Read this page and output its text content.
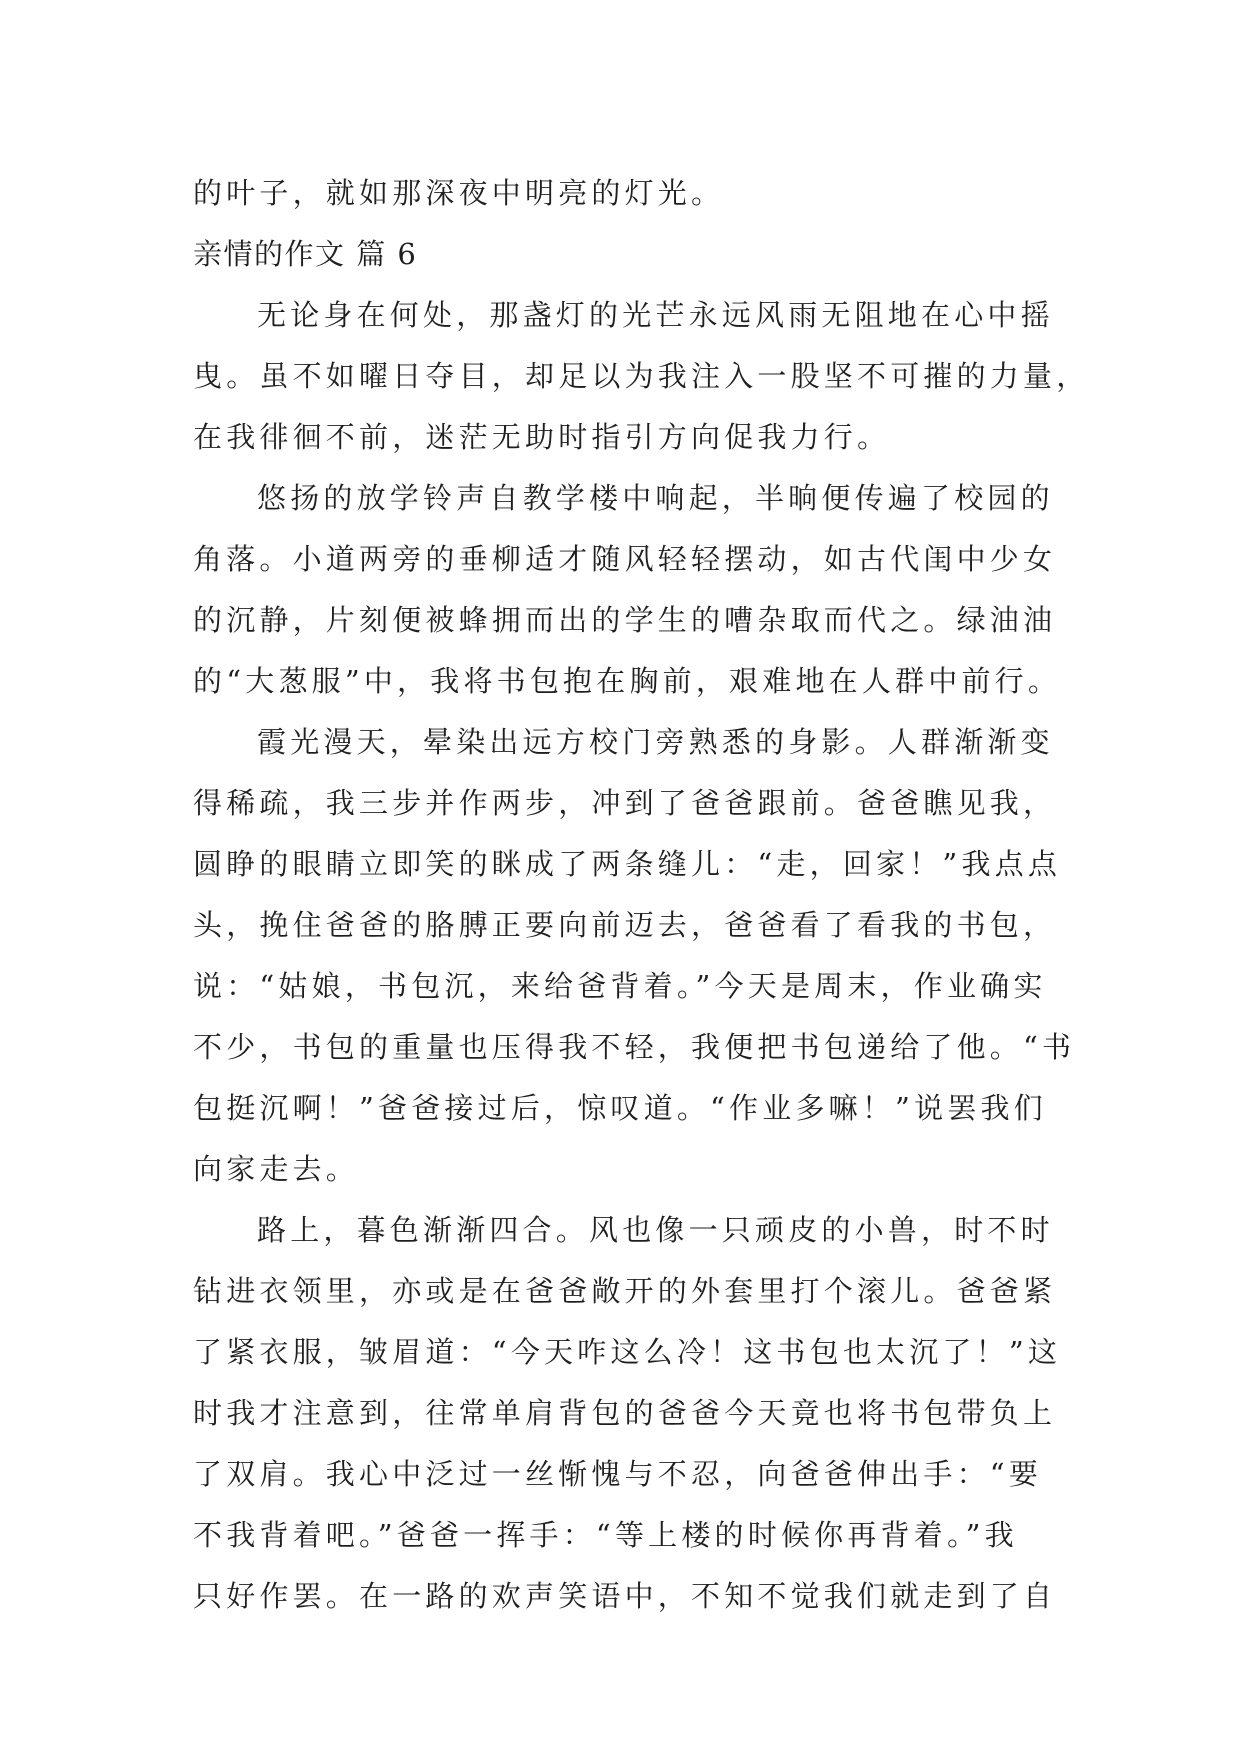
的叶子，就如那深夜中明亮的灯光。

亲情的作文 篇 6

无论身在何处，那盏灯的光芒永远风雨无阻地在心中摇

曳。虽不如曜日夺目，却足以为我注入一股坚不可摧的力量，

在我徘徊不前，迷茫无助时指引方向促我力行。

悠扬的放学铃声自教学楼中响起，半晌便传遍了校园的

角落。小道两旁的垂柳适才随风轻轻摆动，如古代闺中少女

的沉静，片刻便被蜂拥而出的学生的嘈杂取而代之。绿油油

的“大葱服”中，我将书包抱在胸前，艰难地在人群中前行。

霞光漫天，晕染出远方校门旁熟悉的身影。人群渐渐变

得稀疏，我三步并作两步，冲到了爸爸跟前。爸爸瞧见我，

圆睁的眼睛立即笑的眯成了两条缝儿：“走，回家！”我点点

头，挽住爸爸的胳膊正要向前迈去，爸爸看了看我的书包，

说：“姑娘，书包沉，来给爸背着。”今天是周末，作业确实

不少，书包的重量也压得我不轻，我便把书包递给了他。“书

包挺沉啊！”爸爸接过后，惊叹道。“作业多嘛！”说罢我们

向家走去。

路上，暮色渐渐四合。风也像一只顽皮的小兽，时不时

钻进衣领里，亦或是在爸爸敞开的外套里打个滚儿。爸爸紧

了紧衣服，皱眉道：“今天咋这么冷！这书包也太沉了！”这

时我才注意到，往常单肩背包的爸爸今天竟也将书包带负上

了双肩。我心中泛过一丝惭愧与不忍，向爸爸伸出手：“要

不我背着吧。”爸爸一挥手：“等上楼的时候你再背着。”我

只好作罢。在一路的欢声笑语中，不知不觉我们就走到了自
